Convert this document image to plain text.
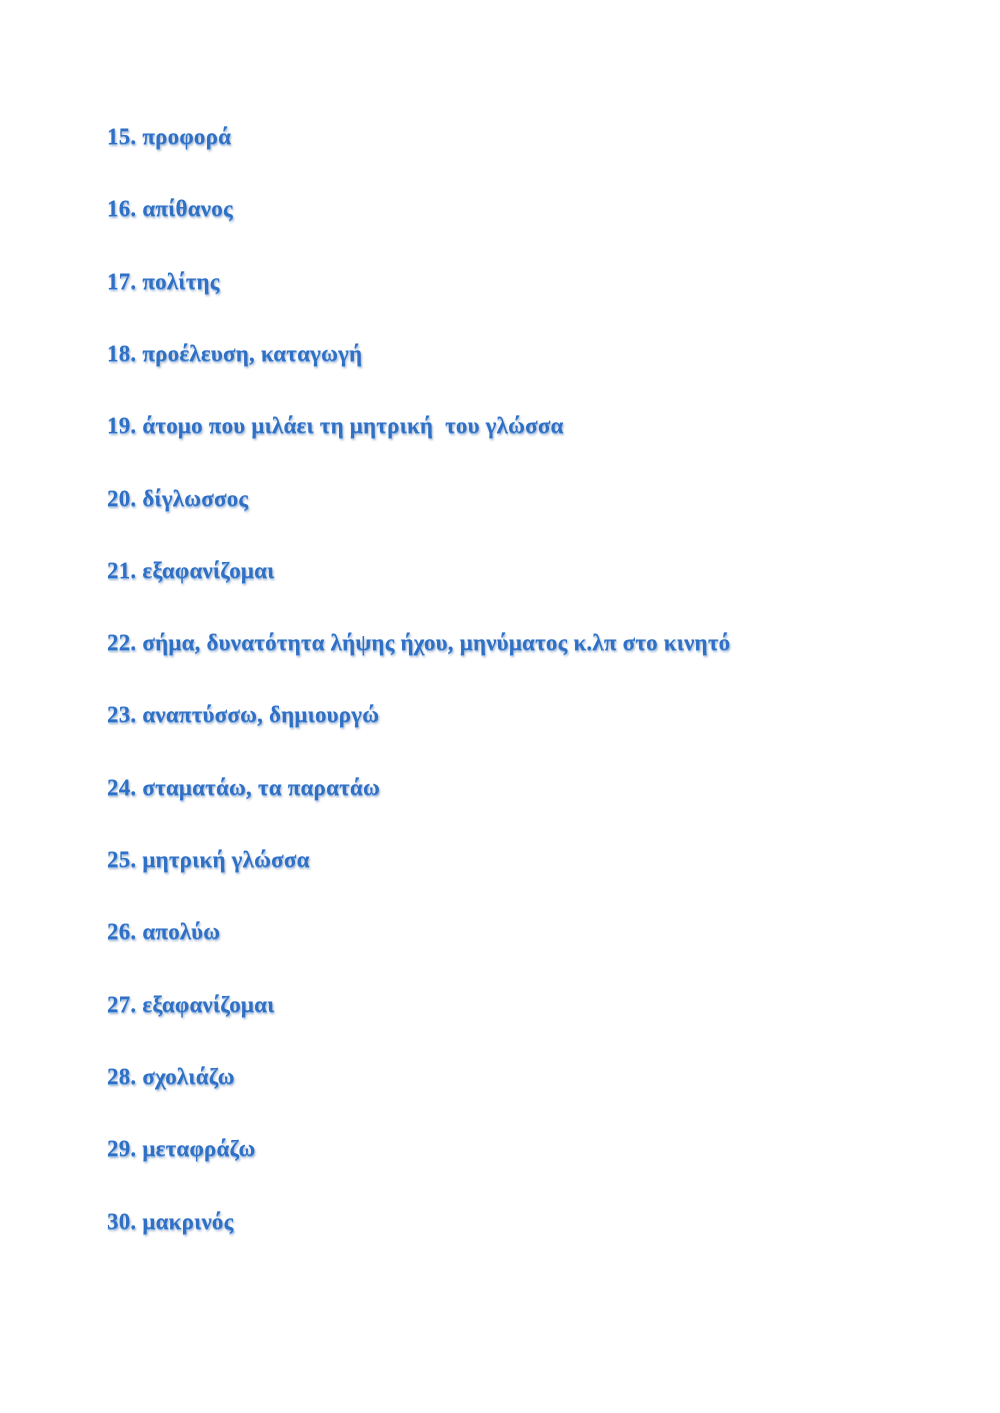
15. προφορά
16. απίθανος
17. πολίτης
18. προέλευση, καταγωγή
19. άτομο που μιλάει τη μητρική  του γλώσσα
20. δίγλωσσος
21. εξαφανίζομαι
22. σήμα, δυνατότητα λήψης ήχου, μηνύματος κ.λπ στο κινητό
23. αναπτύσσω, δημιουργώ
24. σταματάω, τα παρατάω
25. μητρική γλώσσα
26. απολύω
27. εξαφανίζομαι
28. σχολιάζω
29. μεταφράζω
30. μακρινός
